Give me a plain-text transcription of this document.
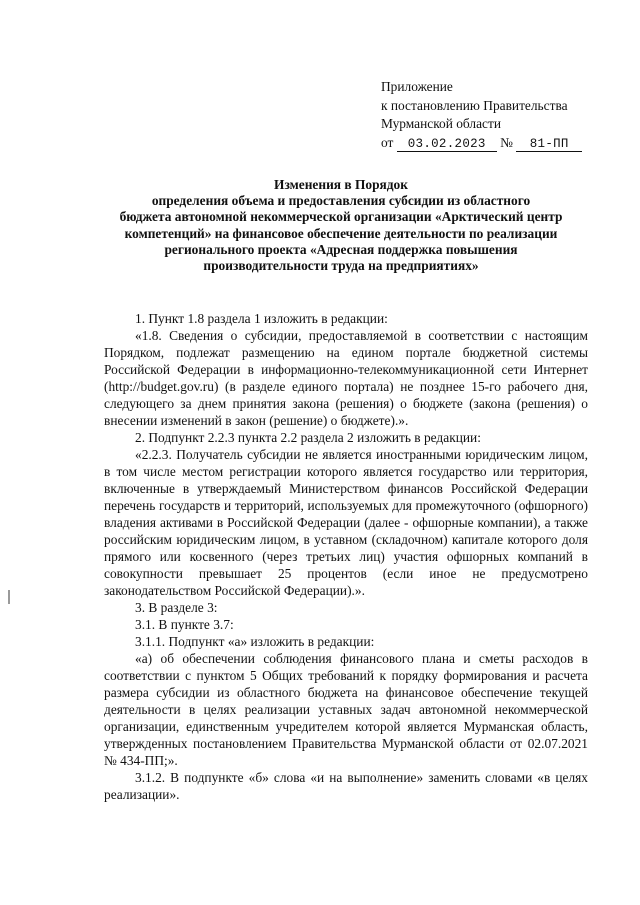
Приложение
к постановлению Правительства
Мурманской области
от 03.02.2023 № 81-ПП
Изменения в Порядок
определения объема и предоставления субсидии из областного
бюджета автономной некоммерческой организации «Арктический центр
компетенций» на финансовое обеспечение деятельности по реализации
регионального проекта «Адресная поддержка повышения
производительности труда на предприятиях»
1. Пункт 1.8 раздела 1 изложить в редакции:
«1.8. Сведения о субсидии, предоставляемой в соответствии с настоящим Порядком, подлежат размещению на едином портале бюджетной системы Российской Федерации в информационно-телекоммуникационной сети Интернет (http://budget.gov.ru) (в разделе единого портала) не позднее 15-го рабочего дня, следующего за днем принятия закона (решения) о бюджете (закона (решения) о внесении изменений в закон (решение) о бюджете).».
2. Подпункт 2.2.3 пункта 2.2 раздела 2 изложить в редакции:
«2.2.3. Получатель субсидии не является иностранными юридическим лицом, в том числе местом регистрации которого является государство или территория, включенные в утверждаемый Министерством финансов Российской Федерации перечень государств и территорий, используемых для промежуточного (офшорного) владения активами в Российской Федерации (далее - офшорные компании), а также российским юридическим лицом, в уставном (складочном) капитале которого доля прямого или косвенного (через третьих лиц) участия офшорных компаний в совокупности превышает 25 процентов (если иное не предусмотрено законодательством Российской Федерации).».
3. В разделе 3:
3.1. В пункте 3.7:
3.1.1. Подпункт «а» изложить в редакции:
«а) об обеспечении соблюдения финансового плана и сметы расходов в соответствии с пунктом 5 Общих требований к порядку формирования и расчета размера субсидии из областного бюджета на финансовое обеспечение текущей деятельности в целях реализации уставных задач автономной некоммерческой организации, единственным учредителем которой является Мурманская область, утвержденных постановлением Правительства Мурманской области от 02.07.2021 № 434-ПП;».
3.1.2. В подпункте «б» слова «и на выполнение» заменить словами «в целях реализации».
